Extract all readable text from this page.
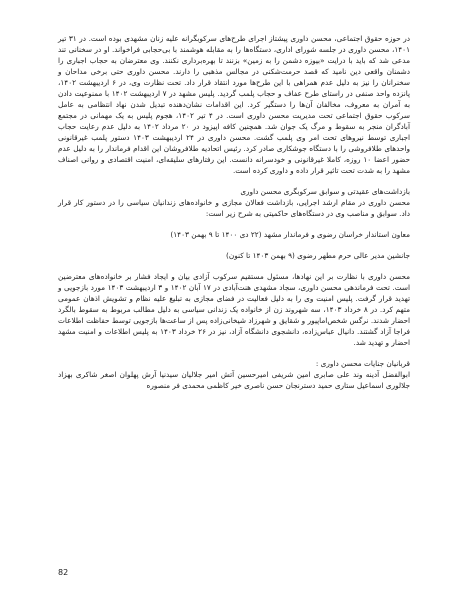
در حوزه حقوق اجتماعی، محسن داوری پیشتاز اجرای طرح‌های سرکوبگرانه علیه زنان مشهدی بوده است. در ۳۱ تیر ۱۴۰۱، محسن داوری در جلسه شورای اداری، دستگاه‌ها را به مقابله هوشمند با بی‌حجابی فراخواند. او در سخنانی تند مدعی شد که باید با درایت «بیوزه دشمن را به زمین» بزنند تا بهره‌برداری نکنند. وی معترضان به حجاب اجباری را دشمنان واقعی دین نامید که قصد حرمت‌شکنی در مجالس مذهبی را دارند. محسن داوری حتی برخی مداحان و سخنرانان را نیز به دلیل عدم همراهی با این طرح‌ها مورد انتقاد قرار داد. تحت نظارت وی، در ۶ اردیبهشت ۱۴۰۲، پانزده واحد صنفی در راستای طرح عفاف و حجاب پلمب گردید. پلیس مشهد در ۷ اردیبهشت ۱۴۰۲ با ممنوعیت دادن به آمران به معروف، مخالفان آن‌ها را دستگیر کرد. این اقدامات نشان‌دهنده تبدیل شدن نهاد انتظامی به عامل سرکوب حقوق اجتماعی تحت مدیریت محسن داوری است. در ۴ تیر ۱۴۰۲، هجوم پلیس به یک مهمانی در مجتمع آبادگران منجر به سقوط و مرگ یک جوان شد. همچنین کافه اپیزود در ۲۰ مرداد ۱۴۰۲ به دلیل عدم رعایت حجاب اجباری توسط نیروهای تحت امر وی پلمب گشت. محسن داوری در ۲۴ اردیبهشت ۱۴۰۳ دستور پلمب غیرقانونی واحدهای طلافروشی را با دستگاه جوشکاری صادر کرد. رئیس اتحادیه طلافروشان این اقدام فرماندار را به دلیل عدم حضور اعضا ۱۰ روزه، کاملا غیرقانونی و خودسرانه دانست. این رفتارهای سلیقه‌ای، امنیت اقتصادی و روانی اصناف مشهد را به شدت تحت تاثیر قرار داده و داوری کرده است.

بازداشت‌های عقیدتی و سوابق سرکوبگری محسن داوری

محسن داوری در مقام ارشد اجرایی، بازداشت فعالان مجازی و خانواده‌های زندانیان سیاسی را در دستور کار قرار داد. سوابق و مناصب وی در دستگاه‌های حاکمیتی به شرح زیر است:

معاون استاندار خراسان رضوی و فرماندار مشهد (۲۲ دی ۱۴۰۰ تا ۹ بهمن ۱۴۰۳)

جانشین مدیر عالی حرم مطهر رضوی (۹ بهمن ۱۴۰۳ تا کنون)

محسن داوری با نظارت بر این نهادها، مسئول مستقیم سرکوب آزادی بیان و ایجاد فشار بر خانواده‌های معترضین است. تحت فرماندهی محسن داوری، سجاد مشهدی هنت‌آبادی در ۱۷ آبان ۱۴۰۲ و ۳ اردیبهشت ۱۴۰۳ مورد بازجویی و تهدید قرار گرفت. پلیس امنیت وی را به دلیل فعالیت در فضای مجازی به تبلیغ علیه نظام و تشویش اذهان عمومی متهم کرد. در ۸ خرداد ۱۴۰۳، سه شهروند زن از خانواده یک زندانی سیاسی به دلیل مطالب مربوط به سقوط بالگرد احضار شدند. نرگس شخص‌اماپیور و شقایق و شهرزاد شیخانی‌زاده پس از ساعت‌ها بازجویی توسط حفاظت اطلاعات فراجا آزاد گشتند. دانیال عباس‌زاده، دانشجوی دانشگاه آزاد، نیز در ۲۶ خرداد ۱۴۰۳ به پلیس اطلاعات و امنیت مشهد احضار و تهدید شد.

قربانیان جنایات محسن داوری :

ابوالفضل آدینه وند علی صابری امین شریفی امیرحسین آتش امیر جلالیان سیدنیا آرش پهلوان اصغر شاکری بهزاد جلالوری اسماعیل ستاری حمید دسترنجان حسن ناصری خیر کاظمی محمدی فر منصوره

82
